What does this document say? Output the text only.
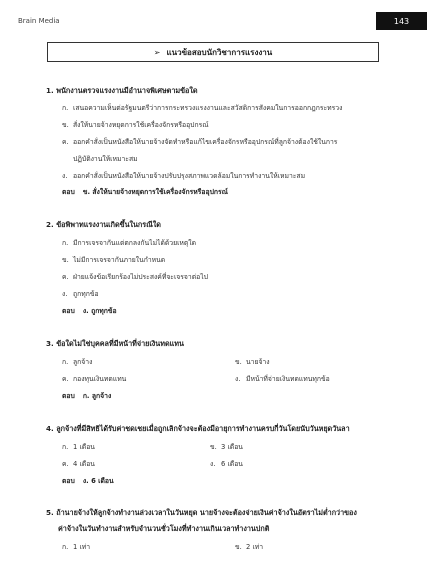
Brain Media	143
➢ แนวข้อสอบนักวิชาการแรงงาน
1. พนักงานตรวจแรงงานมีอำนาจพิเศษตามข้อใด
ก. เสนอความเห็นต่อรัฐมนตรีว่าการกระทรวงแรงงานและสวัสดิการสังคมในการออกกฎกระทรวง
ข. สั่งให้นายจ้างหยุดการใช้เครื่องจักรหรืออุปกรณ์
ค. ออกคำสั่งเป็นหนังสือให้นายจ้างจัดทำหรือแก้ไขเครื่องจักรหรืออุปกรณ์ที่ลูกจ้างต้องใช้ในการ
ปฏิบัติงานให้เหมาะสม
ง. ออกคำสั่งเป็นหนังสือให้นายจ้างปรับปรุงสภาพแวดล้อมในการทำงานให้เหมาะสม
ตอบ ข. สั่งให้นายจ้างหยุดการใช้เครื่องจักรหรืออุปกรณ์
2. ข้อพิพาทแรงงานเกิดขึ้นในกรณีใด
ก. มีการเจรจากันแต่ตกลงกันไม่ได้ด้วยเหตุใด
ข. ไม่มีการเจรจากันภายในกำหนด
ค. ฝ่ายแจ้งข้อเรียกร้องไม่ประสงค์ที่จะเจรจาต่อไป
ง. ถูกทุกข้อ
ตอบ ง. ถูกทุกข้อ
3. ข้อใดไม่ใช่บุคคลที่มีหน้าที่จ่ายเงินทดแทน
ก. ลูกจ้าง	ข. นายจ้าง
ค. กองทุนเงินทดแทน	ง. มีหน้าที่จ่ายเงินทดแทนทุกข้อ
ตอบ ก. ลูกจ้าง
4. ลูกจ้างที่มีสิทธิได้รับค่าชดเชยเมื่อถูกเลิกจ้างจะต้องมีอายุการทำงานครบกี่วันโดยนับวันหยุดวันลา
ก. 1 เดือน	ข. 3 เดือน
ค. 4 เดือน	ง. 6 เดือน
ตอบ ง. 6 เดือน
5. ถ้านายจ้างให้ลูกจ้างทำงานล่วงเวลาในวันหยุด นายจ้างจะต้องจ่ายเงินค่าจ้างในอัตราไม่ต่ำกว่าของ
ค่าจ้างในวันทำงานสำหรับจำนวนชั่วโมงที่ทำงานเกินเวลาทำงานปกติ
ก. 1 เท่า	ข. 2 เท่า
